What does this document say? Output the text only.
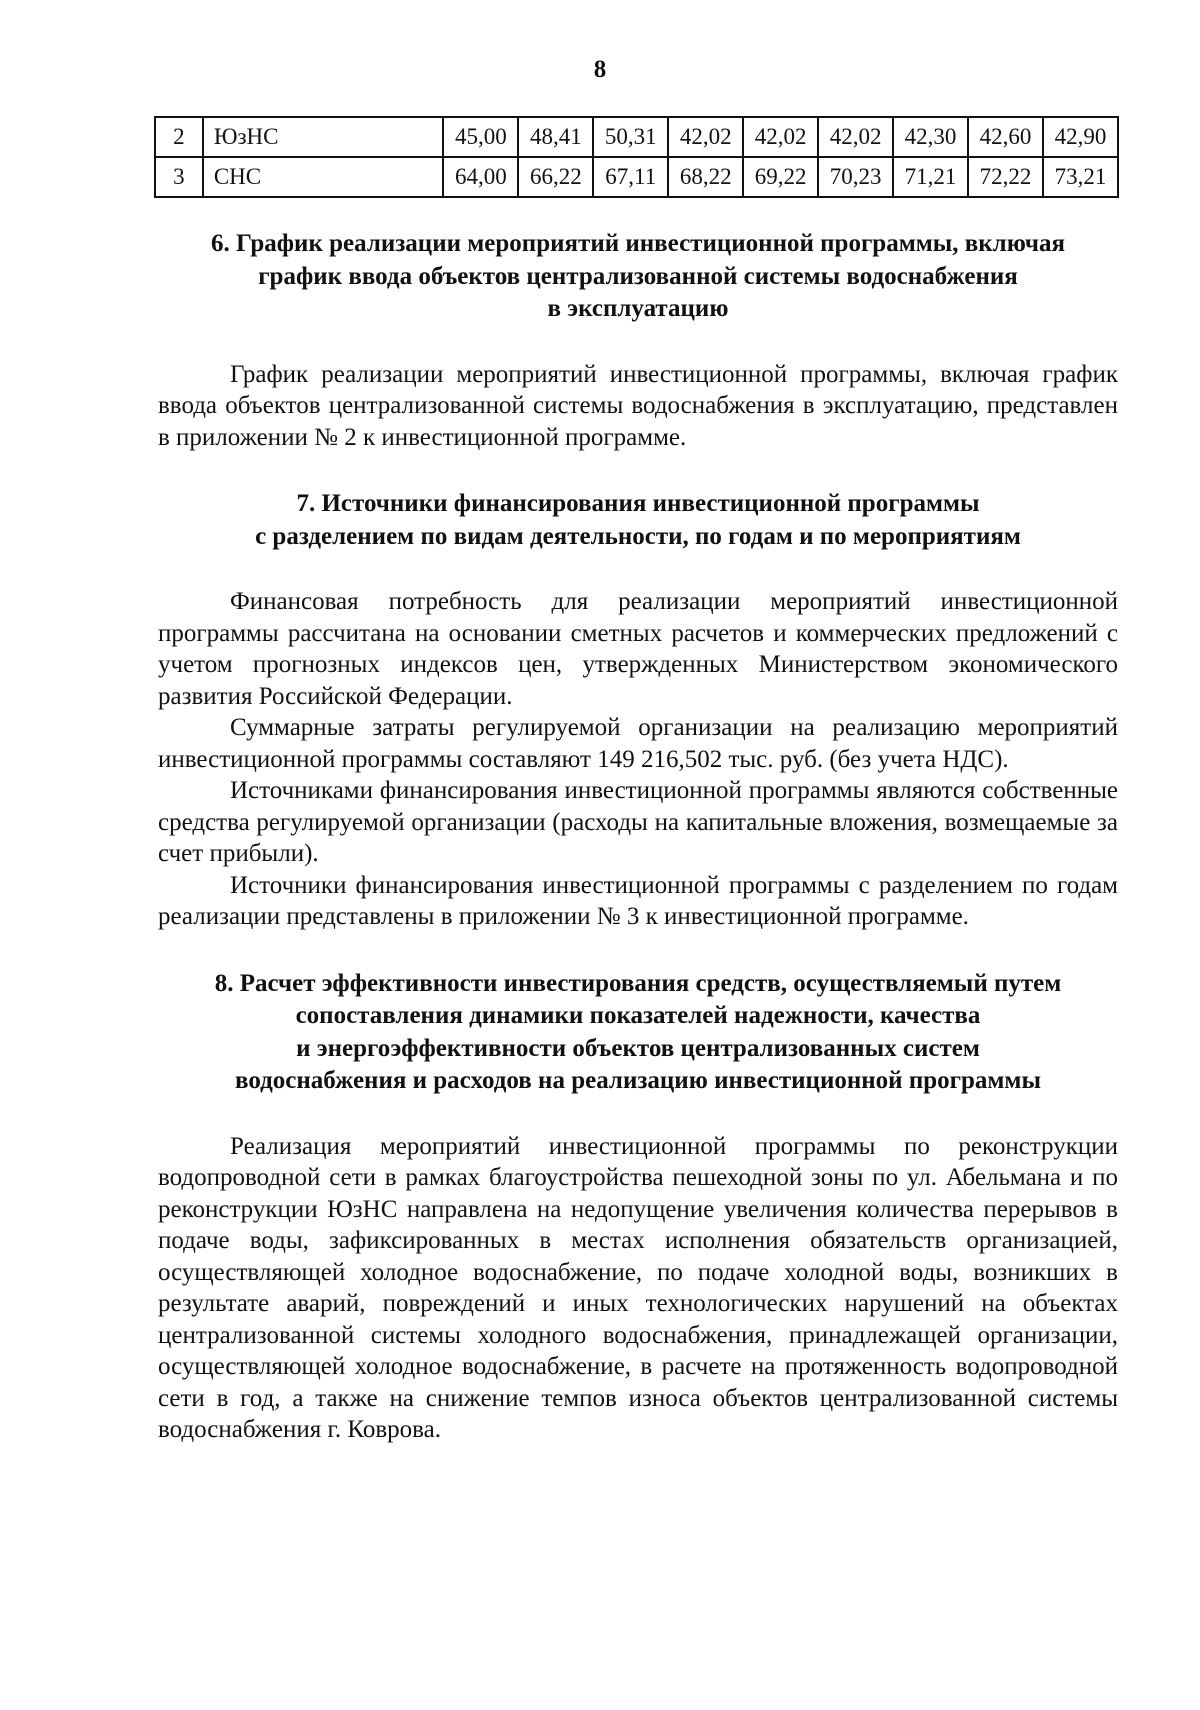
8
2	ЮзНС	45,00	48,41	50,31	42,02	42,02	42,02	42,30	42,60	42,90
3	СНС	64,00	66,22	67,11	68,22	69,22	70,23	71,21	72,22	73,21
6. График реализации мероприятий инвестиционной программы, включая
график ввода объектов централизованной системы водоснабжения
в эксплуатацию

График реализации мероприятий инвестиционной программы, включая график ввода объектов централизованной системы водоснабжения в эксплуатацию, представлен в приложении № 2 к инвестиционной программе.

7. Источники финансирования инвестиционной программы
с разделением по видам деятельности, по годам и по мероприятиям

Финансовая потребность для реализации мероприятий инвестиционной программы рассчитана на основании сметных расчетов и коммерческих предложений с учетом прогнозных индексов цен, утвержденных Министерством экономического развития Российской Федерации.

Суммарные затраты регулируемой организации на реализацию мероприятий инвестиционной программы составляют 149 216,502 тыс. руб. (без учета НДС).

Источниками финансирования инвестиционной программы являются собственные средства регулируемой организации (расходы на капитальные вложения, возмещаемые за счет прибыли).

Источники финансирования инвестиционной программы с разделением по годам реализации представлены в приложении № 3 к инвестиционной программе.

8. Расчет эффективности инвестирования средств, осуществляемый путем
сопоставления динамики показателей надежности, качества
и энергоэффективности объектов централизованных систем
водоснабжения и расходов на реализацию инвестиционной программы

Реализация мероприятий инвестиционной программы по реконструкции водопроводной сети в рамках благоустройства пешеходной зоны по ул. Абельмана и по реконструкции ЮзНС направлена на недопущение увеличения количества перерывов в подаче воды, зафиксированных в местах исполнения обязательств организацией, осуществляющей холодное водоснабжение, по подаче холодной воды, возникших в результате аварий, повреждений и иных технологических нарушений на объектах централизованной системы холодного водоснабжения, принадлежащей организации, осуществляющей холодное водоснабжение, в расчете на протяженность водопроводной сети в год, а также на снижение темпов износа объектов централизованной системы водоснабжения г. Коврова.
